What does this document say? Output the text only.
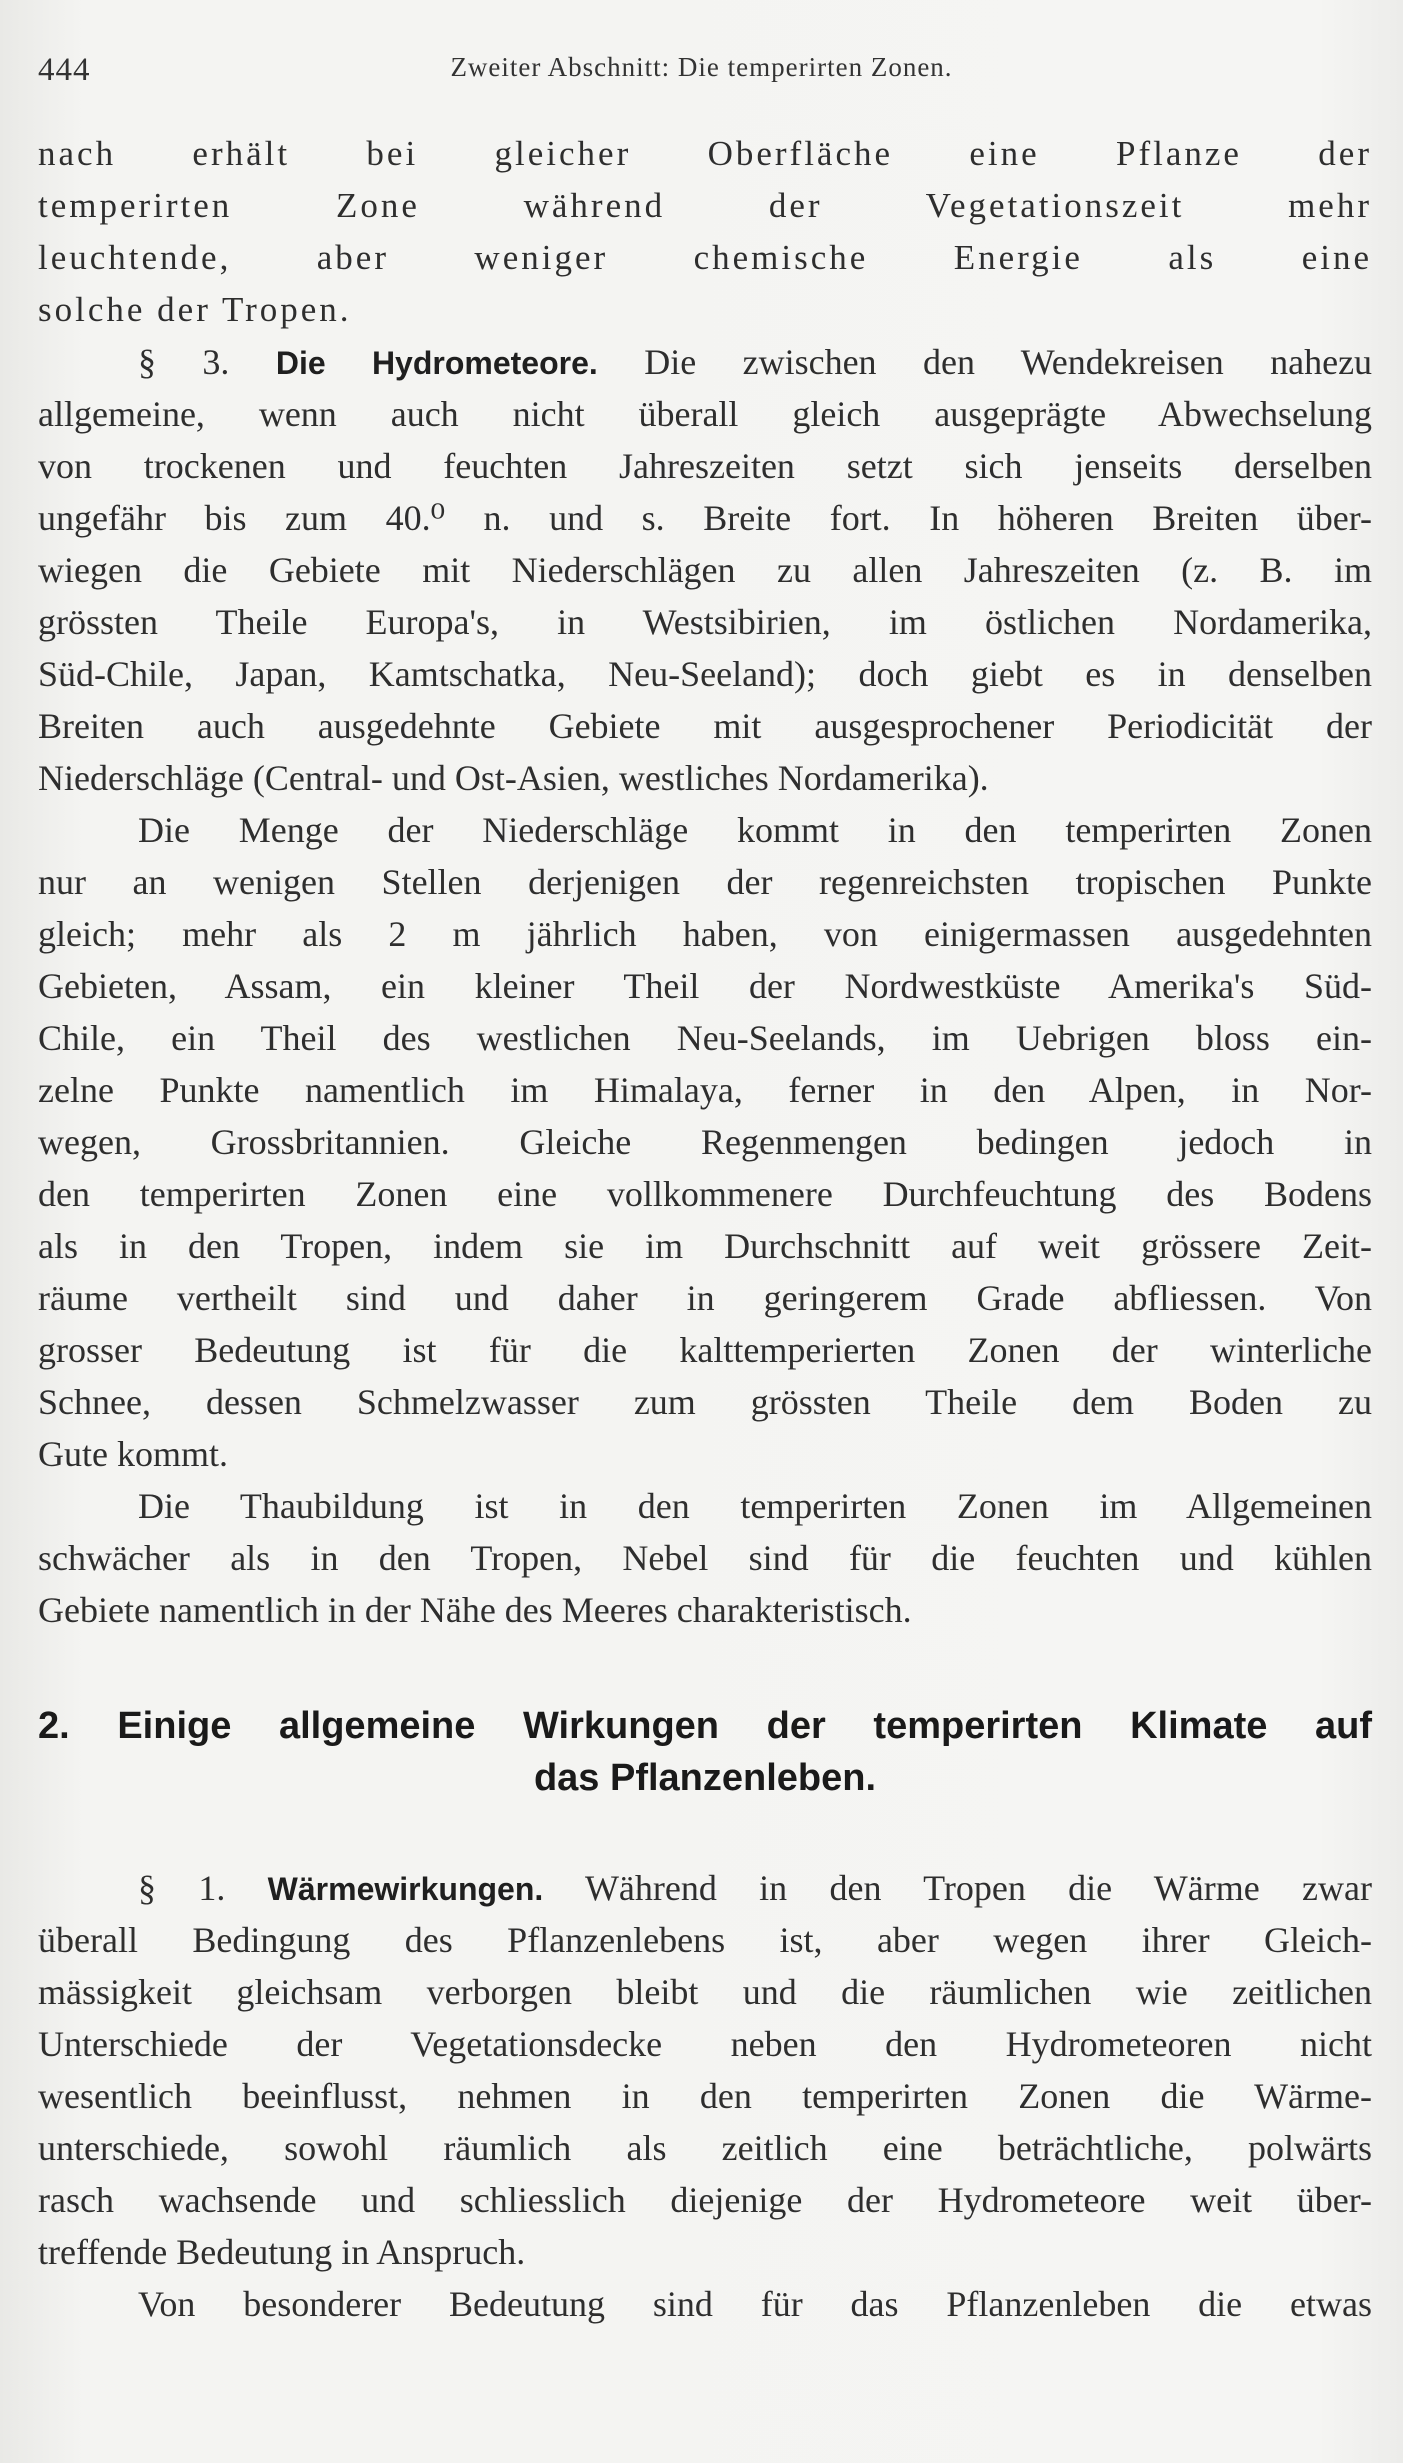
444	Zweiter Abschnitt: Die temperirten Zonen.
nach erhält bei gleicher Oberfläche eine Pflanze der
temperirten Zone während der Vegetationszeit mehr
leuchtende, aber weniger chemische Energie als eine
solche der Tropen.
§ 3. Die Hydrometeore. Die zwischen den Wendekreisen nahezu
allgemeine, wenn auch nicht überall gleich ausgeprägte Abwechselung
von trockenen und feuchten Jahreszeiten setzt sich jenseits derselben
ungefähr bis zum 40.⁰ n. und s. Breite fort. In höheren Breiten über-
wiegen die Gebiete mit Niederschlägen zu allen Jahreszeiten (z. B. im
grössten Theile Europa's, in Westsibirien, im östlichen Nordamerika,
Süd-Chile, Japan, Kamtschatka, Neu-Seeland); doch giebt es in denselben
Breiten auch ausgedehnte Gebiete mit ausgesprochener Periodicität der
Niederschläge (Central- und Ost-Asien, westliches Nordamerika).
Die Menge der Niederschläge kommt in den temperirten Zonen
nur an wenigen Stellen derjenigen der regenreichsten tropischen Punkte
gleich; mehr als 2 m jährlich haben, von einigermassen ausgedehnten
Gebieten, Assam, ein kleiner Theil der Nordwestküste Amerika's Süd-
Chile, ein Theil des westlichen Neu-Seelands, im Uebrigen bloss ein-
zelne Punkte namentlich im Himalaya, ferner in den Alpen, in Nor-
wegen, Grossbritannien. Gleiche Regenmengen bedingen jedoch in
den temperirten Zonen eine vollkommenere Durchfeuchtung des Bodens
als in den Tropen, indem sie im Durchschnitt auf weit grössere Zeit-
räume vertheilt sind und daher in geringerem Grade abfliessen. Von
grosser Bedeutung ist für die kalttemperierten Zonen der winterliche
Schnee, dessen Schmelzwasser zum grössten Theile dem Boden zu
Gute kommt.
Die Thaubildung ist in den temperirten Zonen im Allgemeinen
schwächer als in den Tropen, Nebel sind für die feuchten und kühlen
Gebiete namentlich in der Nähe des Meeres charakteristisch.
2. Einige allgemeine Wirkungen der temperirten Klimate auf
das Pflanzenleben.
§ 1. Wärmewirkungen. Während in den Tropen die Wärme zwar
überall Bedingung des Pflanzenlebens ist, aber wegen ihrer Gleich-
mässigkeit gleichsam verborgen bleibt und die räumlichen wie zeitlichen
Unterschiede der Vegetationsdecke neben den Hydrometeoren nicht
wesentlich beeinflusst, nehmen in den temperirten Zonen die Wärme-
unterschiede, sowohl räumlich als zeitlich eine beträchtliche, polwärts
rasch wachsende und schliesslich diejenige der Hydrometeore weit über-
treffende Bedeutung in Anspruch.
Von besonderer Bedeutung sind für das Pflanzenleben die etwas
